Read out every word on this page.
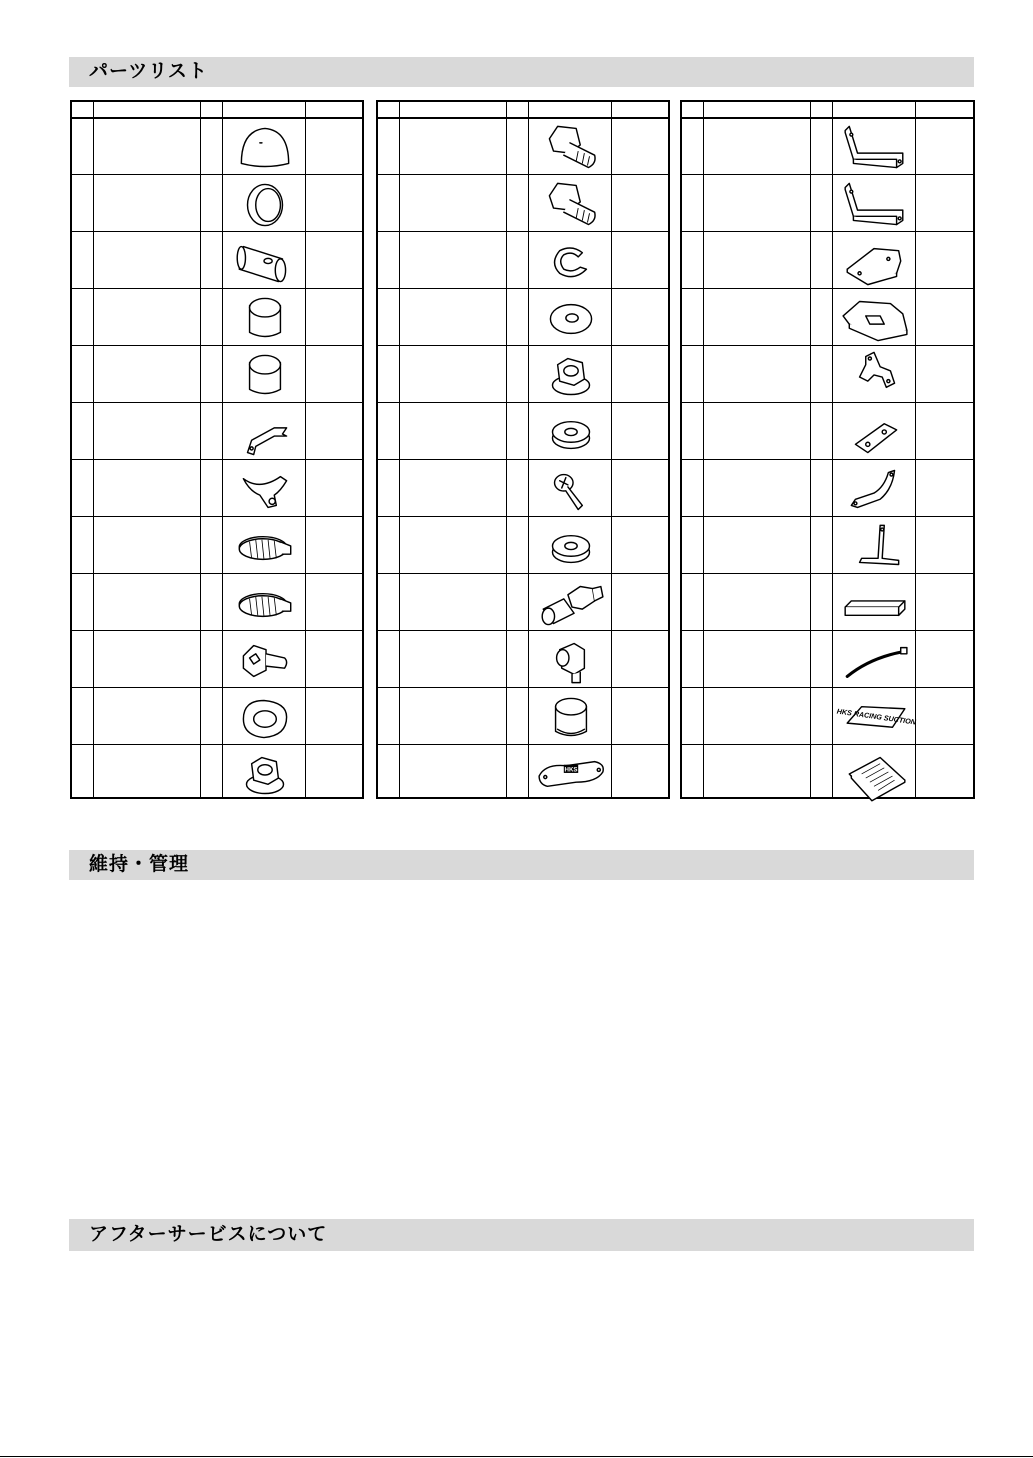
パーツリスト
維持・管理
アフターサービスについて
HKS
HKS RACING SUCTION
